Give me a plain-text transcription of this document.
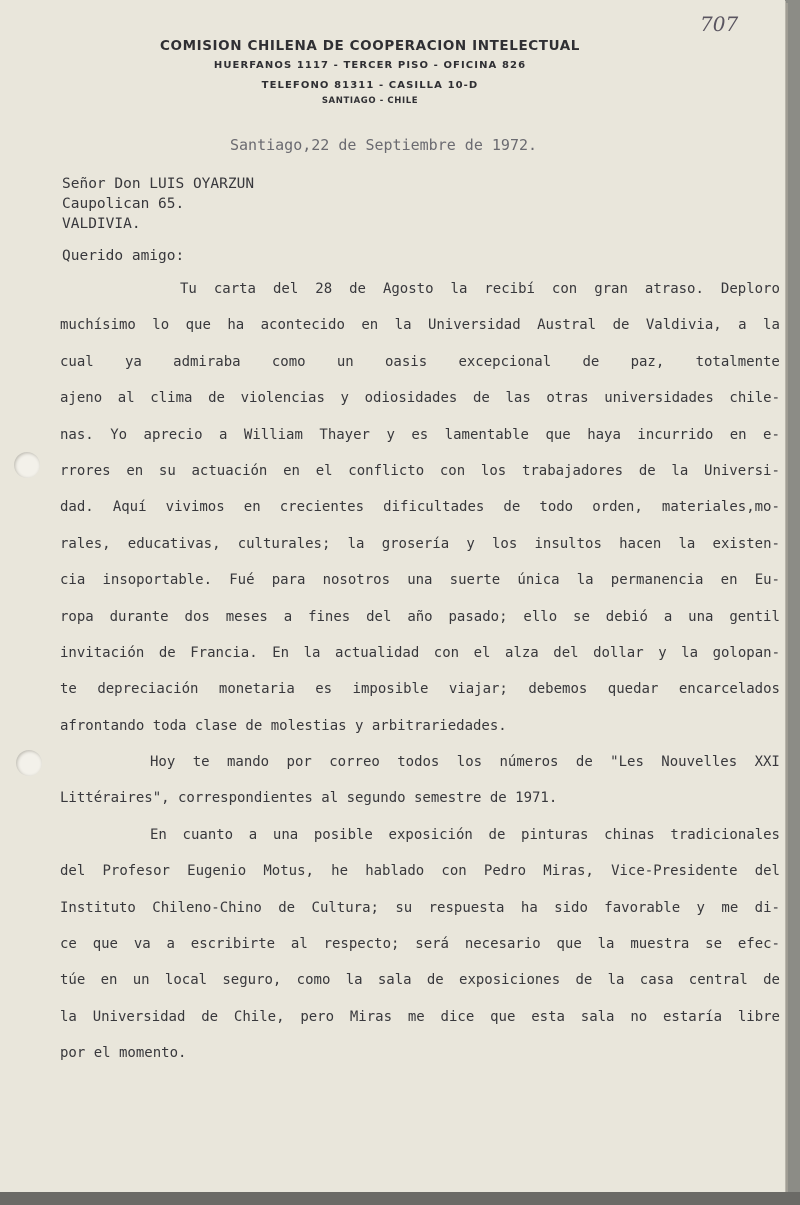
707

COMISION CHILENA DE COOPERACION INTELECTUAL

HUERFANOS 1117 - TERCER PISO - OFICINA 826

TELEFONO 81311 - CASILLA 10-D

SANTIAGO - CHILE

Santiago,22 de Septiembre de 1972.

Señor Don LUIS OYARZUN

Caupolican 65.

VALDIVIA.

Querido amigo:

Tu carta del 28 de Agosto la recibí con gran atraso. Deploro
muchísimo lo que ha acontecido en la Universidad Austral de Valdivia, a la
cual ya admiraba como un oasis excepcional de paz, totalmente
ajeno al clima de violencias y odiosidades de las otras universidades chile-
nas. Yo aprecio a William Thayer y es lamentable que haya incurrido en e-
rrores en su actuación en el conflicto con los trabajadores de la Universi-
dad. Aquí vivimos en crecientes dificultades de todo orden, materiales,mo-
rales, educativas, culturales; la grosería y los insultos hacen la existen-
cia insoportable. Fué para nosotros una suerte única la permanencia en Eu-
ropa durante dos meses a fines del año pasado; ello se debió a una gentil
invitación de Francia. En la actualidad con el alza del dollar y la golopan-
te depreciación monetaria es imposible viajar; debemos quedar encarcelados
afrontando toda clase de molestias y arbitrariedades.
Hoy te mando por correo todos los números de "Les Nouvelles XXI
Littéraires", correspondientes al segundo semestre de 1971.
En cuanto a una posible exposición de pinturas chinas tradicionales
del Profesor Eugenio Motus, he hablado con Pedro Miras, Vice-Presidente del
Instituto Chileno-Chino de Cultura; su respuesta ha sido favorable y me di-
ce que va a escribirte al respecto; será necesario que la muestra se efec-
túe en un local seguro, como la sala de exposiciones de la casa central de
la Universidad de Chile, pero Miras me dice que esta sala no estaría libre
por el momento.
